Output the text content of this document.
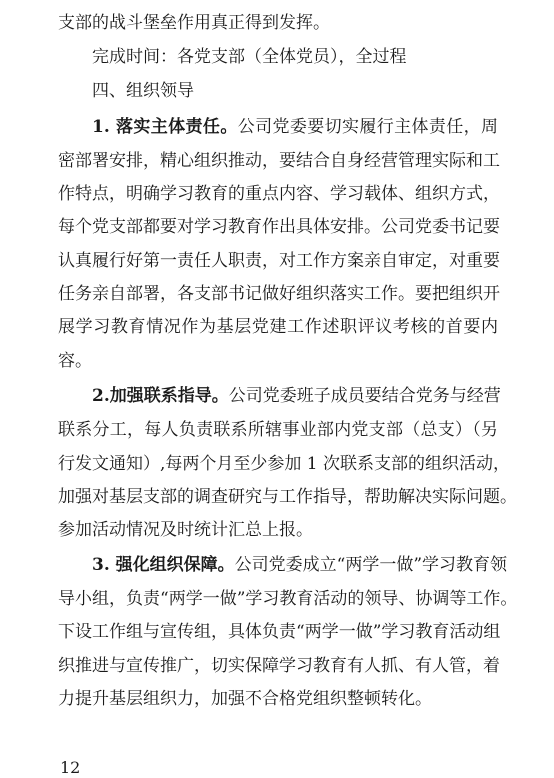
支部的战斗堡垒作用真正得到发挥。
完成时间：各党支部（全体党员），全过程
四、组织领导
1. 落实主体责任。公司党委要切实履行主体责任，周
密部署安排，精心组织推动，要结合自身经营管理实际和工
作特点，明确学习教育的重点内容、学习载体、组织方式，
每个党支部都要对学习教育作出具体安排。公司党委书记要
认真履行好第一责任人职责，对工作方案亲自审定，对重要
任务亲自部署，各支部书记做好组织落实工作。要把组织开
展学习教育情况作为基层党建工作述职评议考核的首要内
容。
2.加强联系指导。公司党委班子成员要结合党务与经营
联系分工，每人负责联系所辖事业部内党支部（总支）（另
行发文通知）,每两个月至少参加 1 次联系支部的组织活动，
加强对基层支部的调查研究与工作指导，帮助解决实际问题。
参加活动情况及时统计汇总上报。
3. 强化组织保障。公司党委成立“两学一做”学习教育领
导小组，负责“两学一做”学习教育活动的领导、协调等工作。
下设工作组与宣传组，具体负责“两学一做”学习教育活动组
织推进与宣传推广，切实保障学习教育有人抓、有人管，着
力提升基层组织力，加强不合格党组织整顿转化。
12
